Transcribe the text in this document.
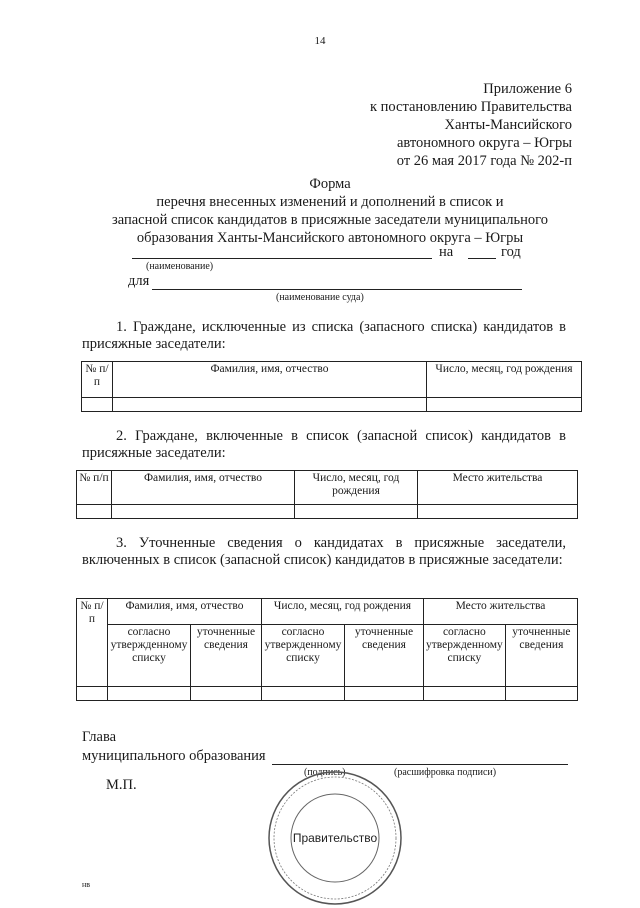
14
Приложение 6
к постановлению Правительства
Ханты-Мансийского
автономного округа – Югры
от 26 мая 2017 года № 202-п
Форма
перечня внесенных изменений и дополнений в список и
запасной список кандидатов в присяжные заседатели муниципального
образования Ханты-Мансийского автономного округа – Югры
на	год
(наименование)
для
(наименование суда)
1. Граждане, исключенные из списка (запасного списка) кандидатов в присяжные заседатели:
№ п/п	Фамилия, имя, отчество	Число, месяц, год рождения

2. Граждане, включенные в список (запасной список) кандидатов в присяжные заседатели:
№ п/п	Фамилия, имя, отчество	Число, месяц, год рождения	Место жительства

3. Уточненные сведения о кандидатах в присяжные заседатели, включенных в список (запасной список) кандидатов в присяжные заседатели:
№ п/п	Фамилия, имя, отчество		Число, месяц, год рождения		Место жительства	
	согласно утвержденному списку	уточненные сведения	согласно утвержденному списку	уточненные сведения	согласно утвержденному списку	уточненные сведения

Глава
муниципального образования
(подпись)	(расшифровка подписи)
М.П.
Правительство
нв
